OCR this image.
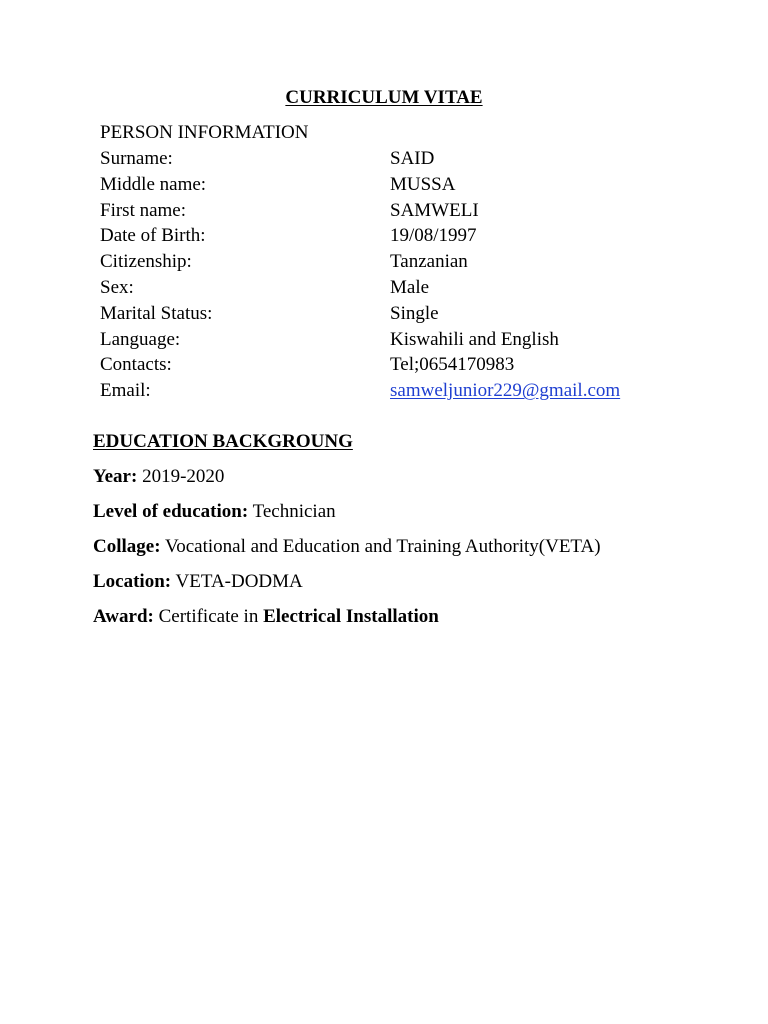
CURRICULUM VITAE
PERSON INFORMATION
Surname:	SAID
Middle name:	MUSSA
First name:	SAMWELI
Date of Birth:	19/08/1997
Citizenship:	Tanzanian
Sex:	Male
Marital Status:	Single
Language:	Kiswahili and English
Contacts:	Tel;0654170983
Email:	samweljunior229@gmail.com
EDUCATION BACKGROUNG
Year: 2019-2020
Level of education: Technician
Collage: Vocational and Education and Training Authority(VETA)
Location: VETA-DODMA
Award: Certificate in Electrical Installation
